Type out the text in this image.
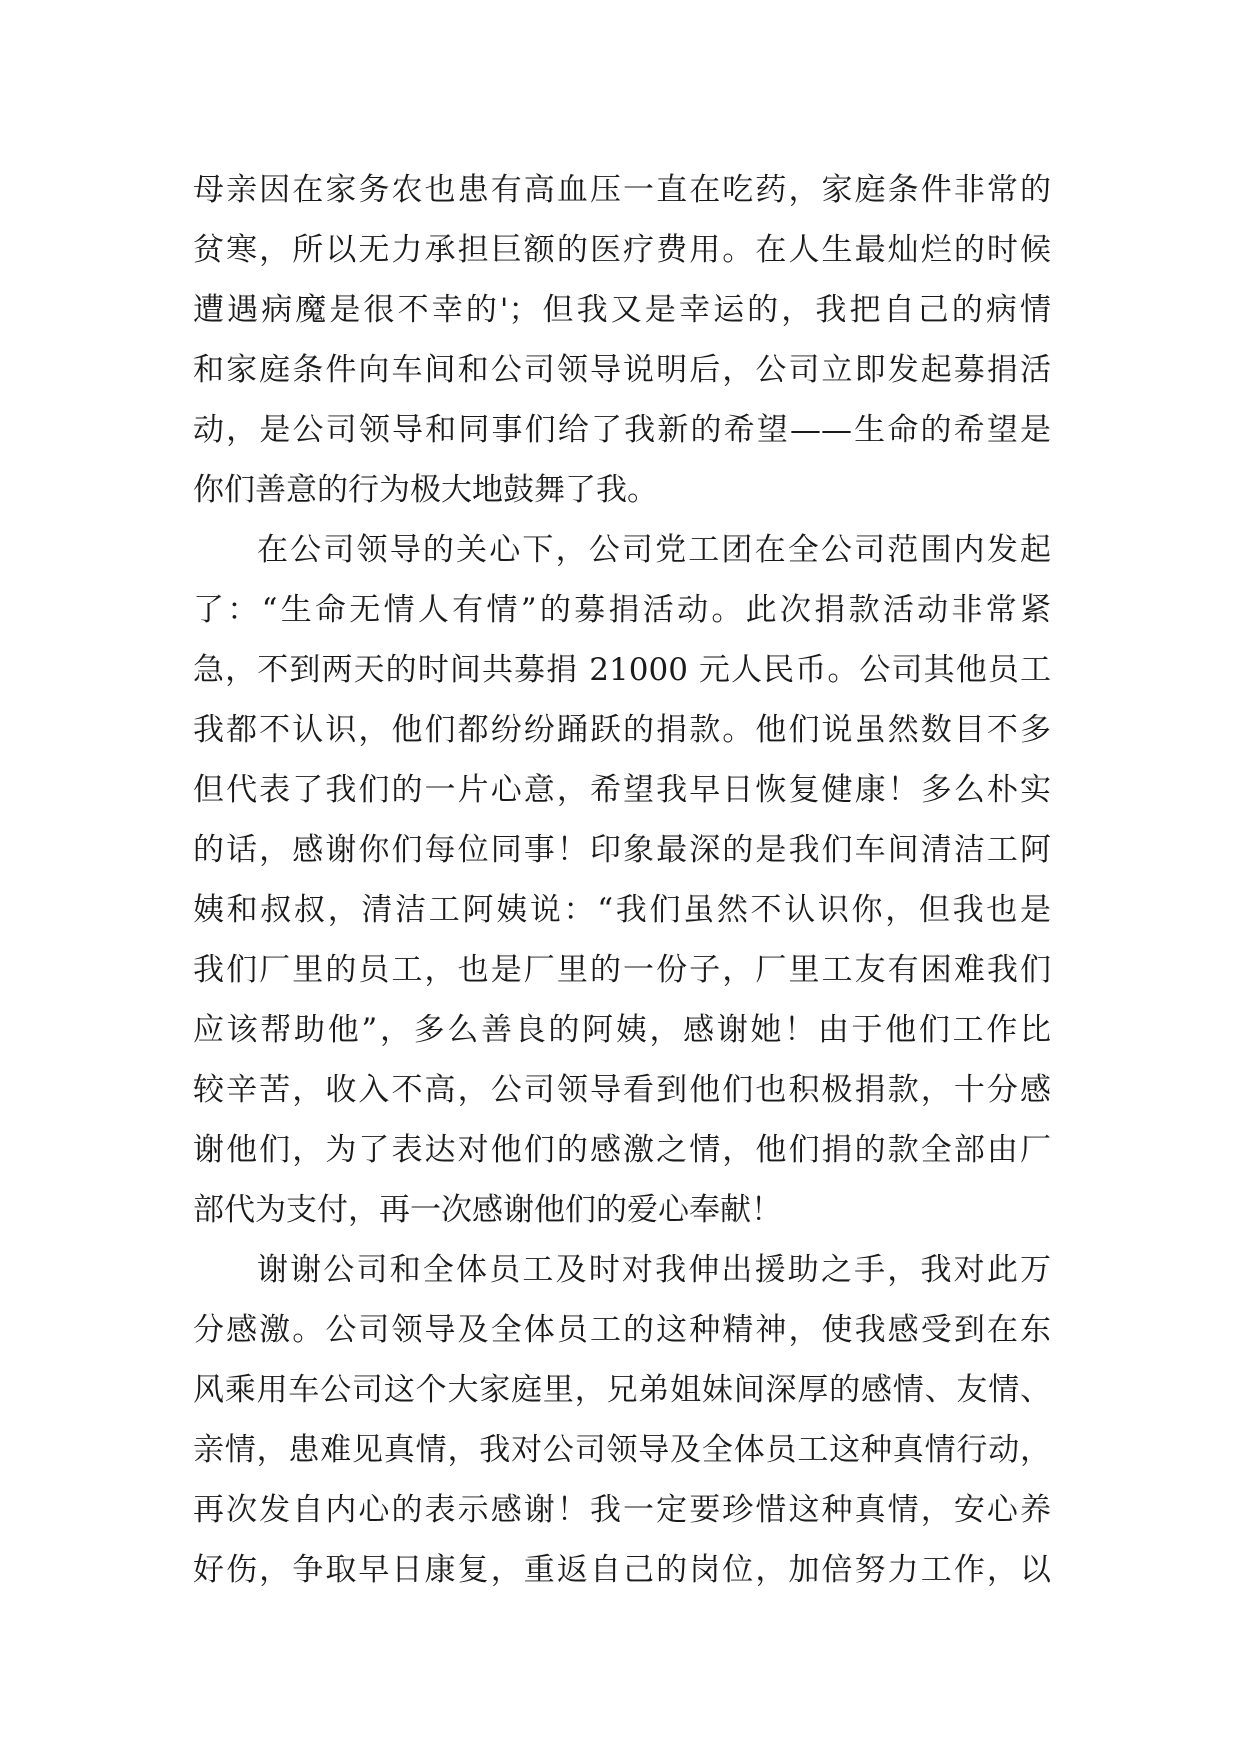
母亲因在家务农也患有高血压一直在吃药，家庭条件非常的
贫寒，所以无力承担巨额的医疗费用。在人生最灿烂的时候
遭遇病魔是很不幸的'；但我又是幸运的，我把自己的病情
和家庭条件向车间和公司领导说明后，公司立即发起募捐活
动，是公司领导和同事们给了我新的希望——生命的希望是
你们善意的行为极大地鼓舞了我。
在公司领导的关心下，公司党工团在全公司范围内发起
了：“生命无情人有情”的募捐活动。此次捐款活动非常紧
急，不到两天的时间共募捐 21000 元人民币。公司其他员工
我都不认识，他们都纷纷踊跃的捐款。他们说虽然数目不多
但代表了我们的一片心意，希望我早日恢复健康！多么朴实
的话，感谢你们每位同事！印象最深的是我们车间清洁工阿
姨和叔叔，清洁工阿姨说：“我们虽然不认识你，但我也是
我们厂里的员工，也是厂里的一份子，厂里工友有困难我们
应该帮助他”，多么善良的阿姨，感谢她！由于他们工作比
较辛苦，收入不高，公司领导看到他们也积极捐款，十分感
谢他们，为了表达对他们的感激之情，他们捐的款全部由厂
部代为支付，再一次感谢他们的爱心奉献！
谢谢公司和全体员工及时对我伸出援助之手，我对此万
分感激。公司领导及全体员工的这种精神，使我感受到在东
风乘用车公司这个大家庭里，兄弟姐妹间深厚的感情、友情、
亲情，患难见真情，我对公司领导及全体员工这种真情行动，
再次发自内心的表示感谢！我一定要珍惜这种真情，安心养
好伤，争取早日康复，重返自己的岗位，加倍努力工作，以
